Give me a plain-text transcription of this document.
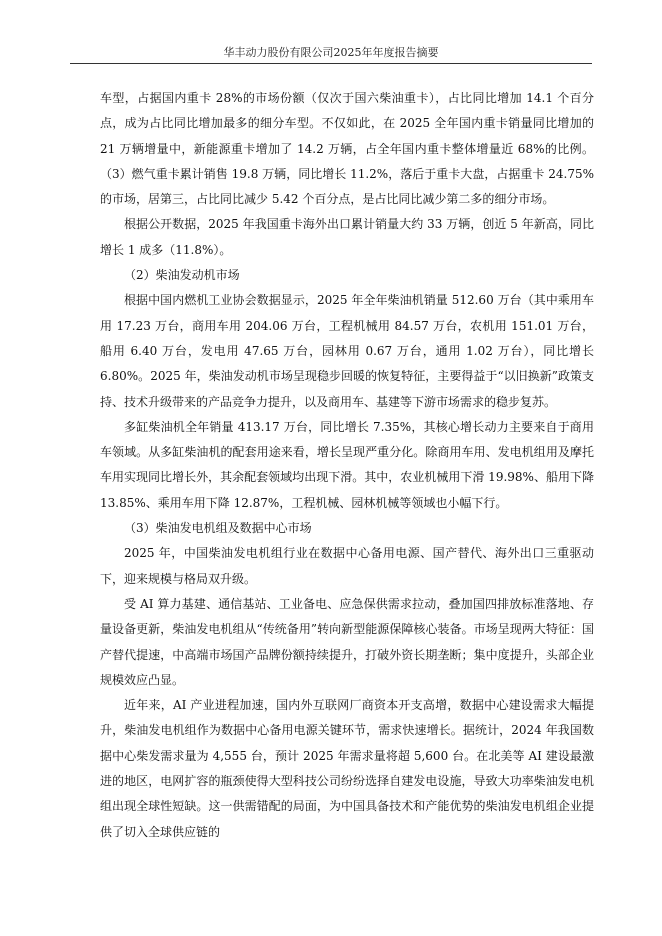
华丰动力股份有限公司2025年年度报告摘要

车型，占据国内重卡 28%的市场份额（仅次于国六柴油重卡），占比同比增加 14.1 个百分点，成为占比同比增加最多的细分车型。不仅如此，在 2025 全年国内重卡销量同比增加的 21 万辆增量中，新能源重卡增加了 14.2 万辆，占全年国内重卡整体增量近 68%的比例。（3）燃气重卡累计销售 19.8 万辆，同比增长 11.2%，落后于重卡大盘，占据重卡 24.75%的市场，居第三，占比同比减少 5.42 个百分点，是占比同比减少第二多的细分市场。

根据公开数据，2025 年我国重卡海外出口累计销量大约 33 万辆，创近 5 年新高，同比增长 1 成多（11.8%）。

（2）柴油发动机市场

根据中国内燃机工业协会数据显示，2025 年全年柴油机销量 512.60 万台（其中乘用车用 17.23 万台，商用车用 204.06 万台，工程机械用 84.57 万台，农机用 151.01 万台，船用 6.40 万台，发电用 47.65 万台，园林用 0.67 万台，通用 1.02 万台），同比增长 6.80%。2025 年，柴油发动机市场呈现稳步回暖的恢复特征，主要得益于“以旧换新”政策支持、技术升级带来的产品竞争力提升，以及商用车、基建等下游市场需求的稳步复苏。

多缸柴油机全年销量 413.17 万台，同比增长 7.35%，其核心增长动力主要来自于商用车领域。从多缸柴油机的配套用途来看，增长呈现严重分化。除商用车用、发电机组用及摩托车用实现同比增长外，其余配套领域均出现下滑。其中，农业机械用下滑 19.98%、船用下降 13.85%、乘用车用下降 12.87%，工程机械、园林机械等领域也小幅下行。

（3）柴油发电机组及数据中心市场

2025 年，中国柴油发电机组行业在数据中心备用电源、国产替代、海外出口三重驱动下，迎来规模与格局双升级。

受 AI 算力基建、通信基站、工业备电、应急保供需求拉动，叠加国四排放标准落地、存量设备更新，柴油发电机组从“传统备用”转向新型能源保障核心装备。市场呈现两大特征：国产替代提速，中高端市场国产品牌份额持续提升，打破外资长期垄断；集中度提升，头部企业规模效应凸显。

近年来，AI 产业进程加速，国内外互联网厂商资本开支高增，数据中心建设需求大幅提升，柴油发电机组作为数据中心备用电源关键环节，需求快速增长。据统计，2024 年我国数据中心柴发需求量为 4,555 台，预计 2025 年需求量将超 5,600 台。在北美等 AI 建设最激进的地区，电网扩容的瓶颈使得大型科技公司纷纷选择自建发电设施，导致大功率柴油发电机组出现全球性短缺。这一供需错配的局面，为中国具备技术和产能优势的柴油发电机组企业提供了切入全球供应链的
